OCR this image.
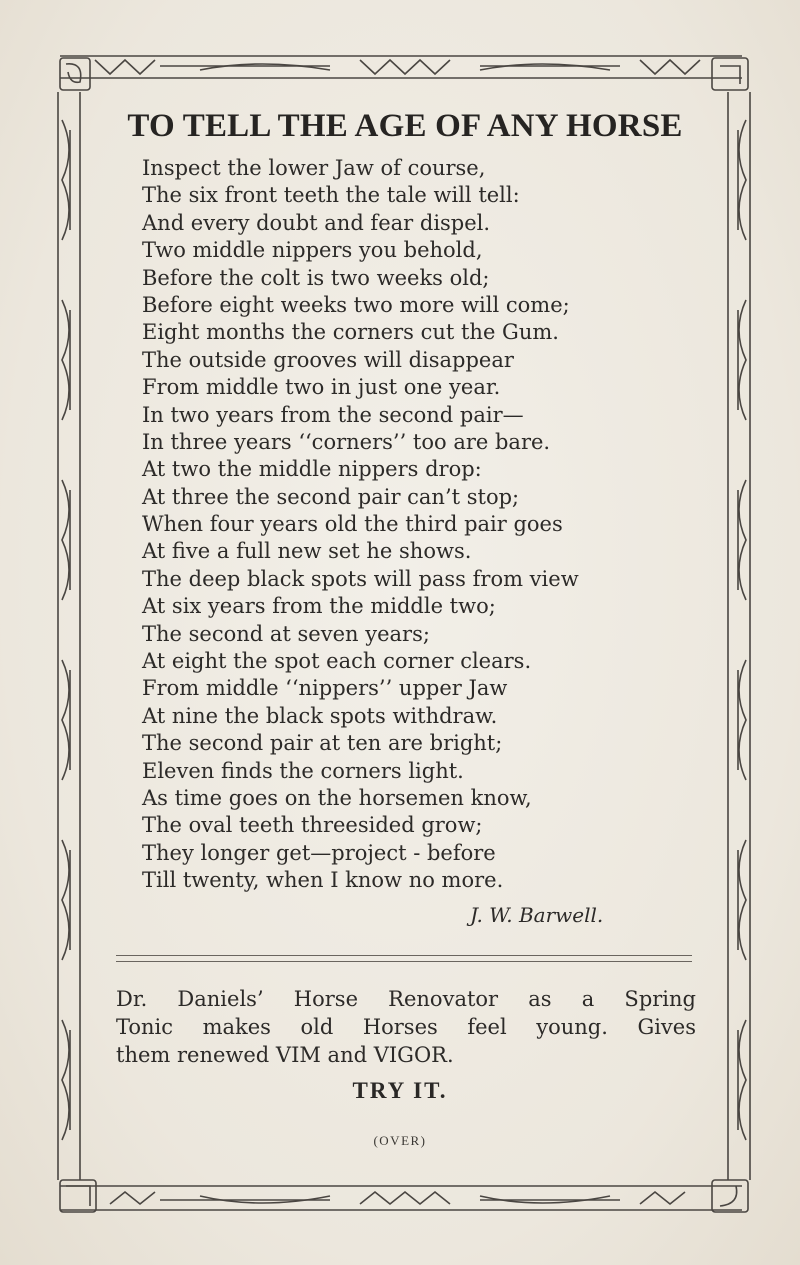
TO TELL THE AGE OF ANY HORSE
Inspect the lower Jaw of course,
The six front teeth the tale will tell:
And every doubt and fear dispel.
Two middle nippers you behold,
Before the colt is two weeks old;
Before eight weeks two more will come;
Eight months the corners cut the Gum.
The outside grooves will disappear
From middle two in just one year.
In two years from the second pair—
In three years ‘‘corners’’ too are bare.
At two the middle nippers drop:
At three the second pair can’t stop;
When four years old the third pair goes
At five a full new set he shows.
The deep black spots will pass from view
At six years from the middle two;
The second at seven years;
At eight the spot each corner clears.
From middle ‘‘nippers’’ upper Jaw
At nine the black spots withdraw.
The second pair at ten are bright;
Eleven finds the corners light.
As time goes on the horsemen know,
The oval teeth threesided grow;
They longer get—project - before
Till twenty, when I know no more.
J. W. Barwell.

Dr. Daniels’ Horse Renovator as a Spring
Tonic makes old Horses feel young. Gives
them renewed VIM and VIGOR.

TRY IT.
(OVER)
